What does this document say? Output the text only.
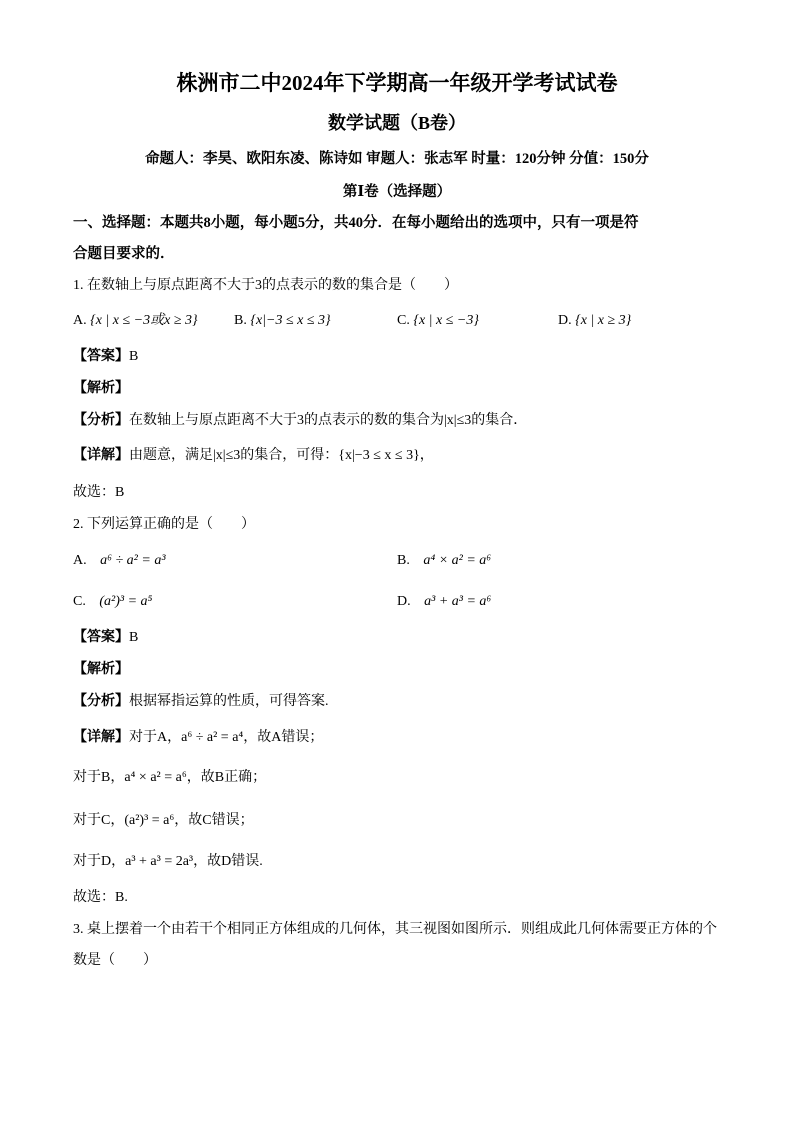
株洲市二中2024年下学期高一年级开学考试试卷
数学试题（B卷）
命题人：李昊、欧阳东凌、陈诗如 审题人：张志军 时量：120分钟 分值：150分
第Ⅰ卷（选择题）
一、选择题：本题共8小题，每小题5分，共40分．在每小题给出的选项中，只有一项是符
合题目要求的．
1. 在数轴上与原点距离不大于3的点表示的数的集合是（　　）
A. {x | x ≤ −3或x ≥ 3}	B. {x|−3 ≤ x ≤ 3}	C. {x | x ≤ −3}	D. {x | x ≥ 3}
【答案】B
【解析】
【分析】在数轴上与原点距离不大于3的点表示的数的集合为|x|≤3的集合．
【详解】由题意，满足|x|≤3的集合，可得：{x|−3 ≤ x ≤ 3}，
故选：B
2. 下列运算正确的是（　　）
A. a⁶ ÷ a² = a³	B. a⁴ × a² = a⁶
C. (a²)³ = a⁵	D. a³ + a³ = a⁶
【答案】B
【解析】
【分析】根据幂指运算的性质，可得答案.
【详解】对于A，a⁶ ÷ a² = a⁴，故A错误；
对于B，a⁴ × a² = a⁶，故B正确；
对于C，(a²)³ = a⁶，故C错误；
对于D，a³ + a³ = 2a³，故D错误.
故选：B.
3. 桌上摆着一个由若干个相同正方体组成的几何体，其三视图如图所示．则组成此几何体需要正方体的个
数是（　　）
